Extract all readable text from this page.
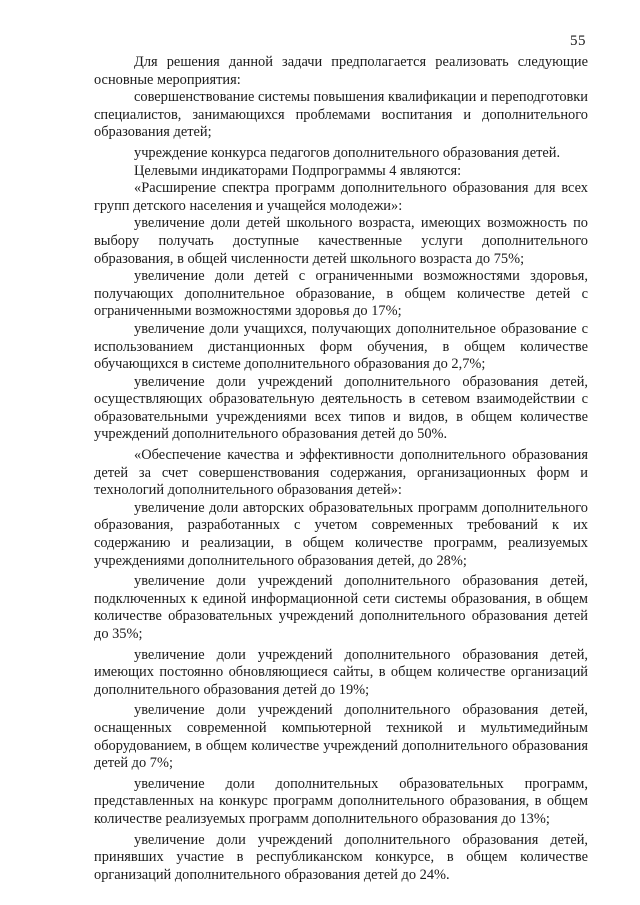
55

Для решения данной задачи предполагается реализовать следующие основные мероприятия:

совершенствование системы повышения квалификации и переподготовки специалистов, занимающихся проблемами воспитания и дополнительного образования детей;

учреждение конкурса педагогов дополнительного образования детей.

Целевыми индикаторами Подпрограммы 4 являются:

«Расширение спектра программ дополнительного образования для всех групп детского населения и учащейся молодежи»:

увеличение доли детей школьного возраста, имеющих возможность по выбору получать доступные качественные услуги дополнительного образования, в общей численности детей школьного возраста до 75%;

увеличение доли детей с ограниченными возможностями здоровья, получающих дополнительное образование, в общем количестве детей с ограниченными возможностями здоровья до 17%;

увеличение доли учащихся, получающих дополнительное образование с использованием дистанционных форм обучения, в общем количестве обучающихся в системе дополнительного образования до 2,7%;

увеличение доли учреждений дополнительного образования детей, осуществляющих образовательную деятельность в сетевом взаимодействии с образовательными учреждениями всех типов и видов, в общем количестве учреждений дополнительного образования детей до 50%.

«Обеспечение качества и эффективности дополнительного образования детей за счет совершенствования содержания, организационных форм и технологий дополнительного образования детей»:

увеличение доли авторских образовательных программ дополнительного образования, разработанных с учетом современных требований к их содержанию и реализации, в общем количестве программ, реализуемых учреждениями дополнительного образования детей, до 28%;

увеличение доли учреждений дополнительного образования детей, подключенных к единой информационной сети системы образования, в общем количестве образовательных учреждений дополнительного образования детей до 35%;

увеличение доли учреждений дополнительного образования детей, имеющих постоянно обновляющиеся сайты, в общем количестве организаций дополнительного образования детей до 19%;

увеличение доли учреждений дополнительного образования детей, оснащенных современной компьютерной техникой и мультимедийным оборудованием, в общем количестве учреждений дополнительного образования детей до 7%;

увеличение доли дополнительных образовательных программ, представленных на конкурс программ дополнительного образования, в общем количестве реализуемых программ дополнительного образования до 13%;

увеличение доли учреждений дополнительного образования детей, принявших участие в республиканском конкурсе, в общем количестве организаций дополнительного образования детей до 24%.
